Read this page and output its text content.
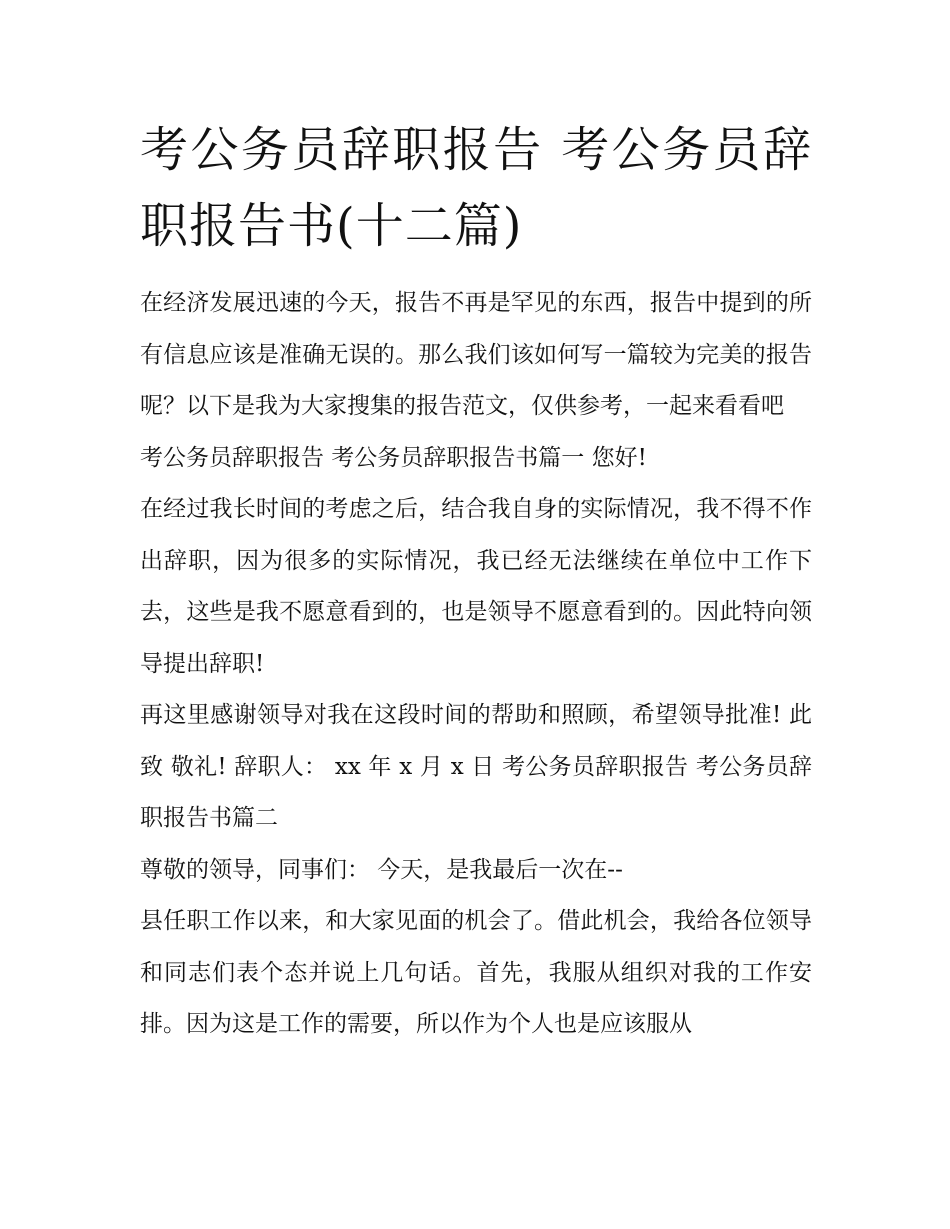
考公务员辞职报告 考公务员辞职报告书(十二篇)

在经济发展迅速的今天，报告不再是罕见的东西，报告中提到的所有信息应该是准确无误的。那么我们该如何写一篇较为完美的报告呢？以下是我为大家搜集的报告范文，仅供参考，一起来看看吧

考公务员辞职报告 考公务员辞职报告书篇一 您好!

在经过我长时间的考虑之后，结合我自身的实际情况，我不得不作出辞职，因为很多的实际情况，我已经无法继续在单位中工作下去，这些是我不愿意看到的，也是领导不愿意看到的。因此特向领导提出辞职!

再这里感谢领导对我在这段时间的帮助和照顾，希望领导批准! 此致 敬礼! 辞职人： xx 年 x 月 x 日 考公务员辞职报告 考公务员辞职报告书篇二

尊敬的领导，同事们： 今天，是我最后一次在--

县任职工作以来，和大家见面的机会了。借此机会，我给各位领导和同志们表个态并说上几句话。首先，我服从组织对我的工作安排。因为这是工作的需要，所以作为个人也是应该服从
